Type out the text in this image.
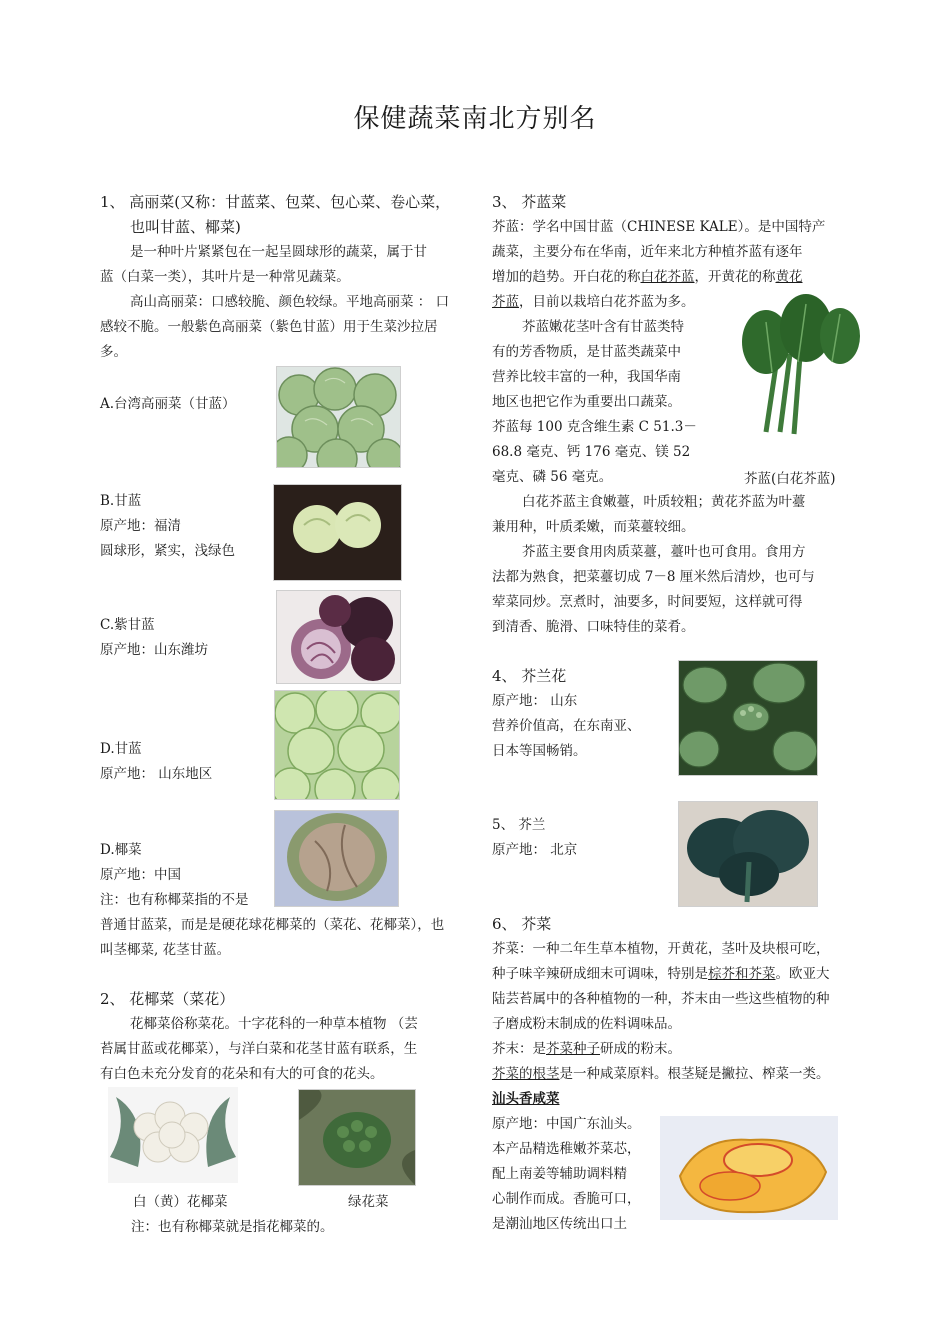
保健蔬菜南北方别名
1、 高丽菜(又称：甘蓝菜、包菜、包心菜、卷心菜，
也叫甘蓝、椰菜)
是一种叶片紧紧包在一起呈圆球形的蔬菜，属于甘
蓝（白菜一类），其叶片是一种常见蔬菜。
高山高丽菜：口感较脆、颜色较绿。平地高丽菜 ： 口
感较不脆。一般紫色高丽菜（紫色甘蓝）用于生菜沙拉居
多。
A.台湾高丽菜（甘蓝）
B.甘蓝
原产地：福清
圆球形，紧实，浅绿色
C.紫甘蓝
原产地：山东潍坊
D.甘蓝
原产地： 山东地区
D.椰菜
原产地：中国
注：也有称椰菜指的不是
普通甘蓝菜，而是是硬花球花椰菜的（菜花、花椰菜），也
叫茎椰菜, 花茎甘蓝。
2、 花椰菜（菜花）
花椰菜俗称菜花。十字花科的一种草本植物 （芸
苔属甘蓝或花椰菜），与洋白菜和花茎甘蓝有联系，生
有白色未充分发育的花朵和有大的可食的花头。
白（黄）花椰菜	绿花菜
注：也有称椰菜就是指花椰菜的。
3、 芥蓝菜
芥蓝：学名中国甘蓝（CHINESE KALE）。是中国特产
蔬菜，主要分布在华南，近年来北方种植芥蓝有逐年
增加的趋势。开白花的称白花芥蓝，开黄花的称黄花
芥蓝，目前以栽培白花芥蓝为多。
芥蓝嫩花茎叶含有甘蓝类特
有的芳香物质，是甘蓝类蔬菜中
营养比较丰富的一种，我国华南
地区也把它作为重要出口蔬菜。
芥蓝每 100 克含维生素 C 51.3－
68.8 毫克、钙 176 毫克、镁 52
毫克、磷 56 毫克。
白花芥蓝主食嫩薹，叶质较粗；黄花芥蓝为叶薹
兼用种，叶质柔嫩，而菜薹较细。
芥蓝主要食用肉质菜薹，薹叶也可食用。食用方
法都为熟食，把菜薹切成 7－8 厘米然后清炒，也可与
荤菜同炒。烹煮时，油要多，时间要短，这样就可得
到清香、脆滑、口味特佳的菜肴。
芥蓝(白花芥蓝)
4、 芥兰花
原产地： 山东
营养价值高，在东南亚、
日本等国畅销。
5、 芥兰
原产地： 北京
6、 芥菜
芥菜：一种二年生草本植物，开黄花，茎叶及块根可吃，
种子味辛辣研成细末可调味，特别是棕芥和芥菜。欧亚大
陆芸苔属中的各种植物的一种，芥末由一些这些植物的种
子磨成粉末制成的佐料调味品。
芥末：是芥菜种子研成的粉末。
芥菜的根茎是一种咸菜原料。根茎疑是撇拉、榨菜一类。
汕头香咸菜
原产地：中国广东汕头。
本产品精选稚嫩芥菜芯，
配上南姜等辅助调料精
心制作而成。香脆可口，
是潮汕地区传统出口土
